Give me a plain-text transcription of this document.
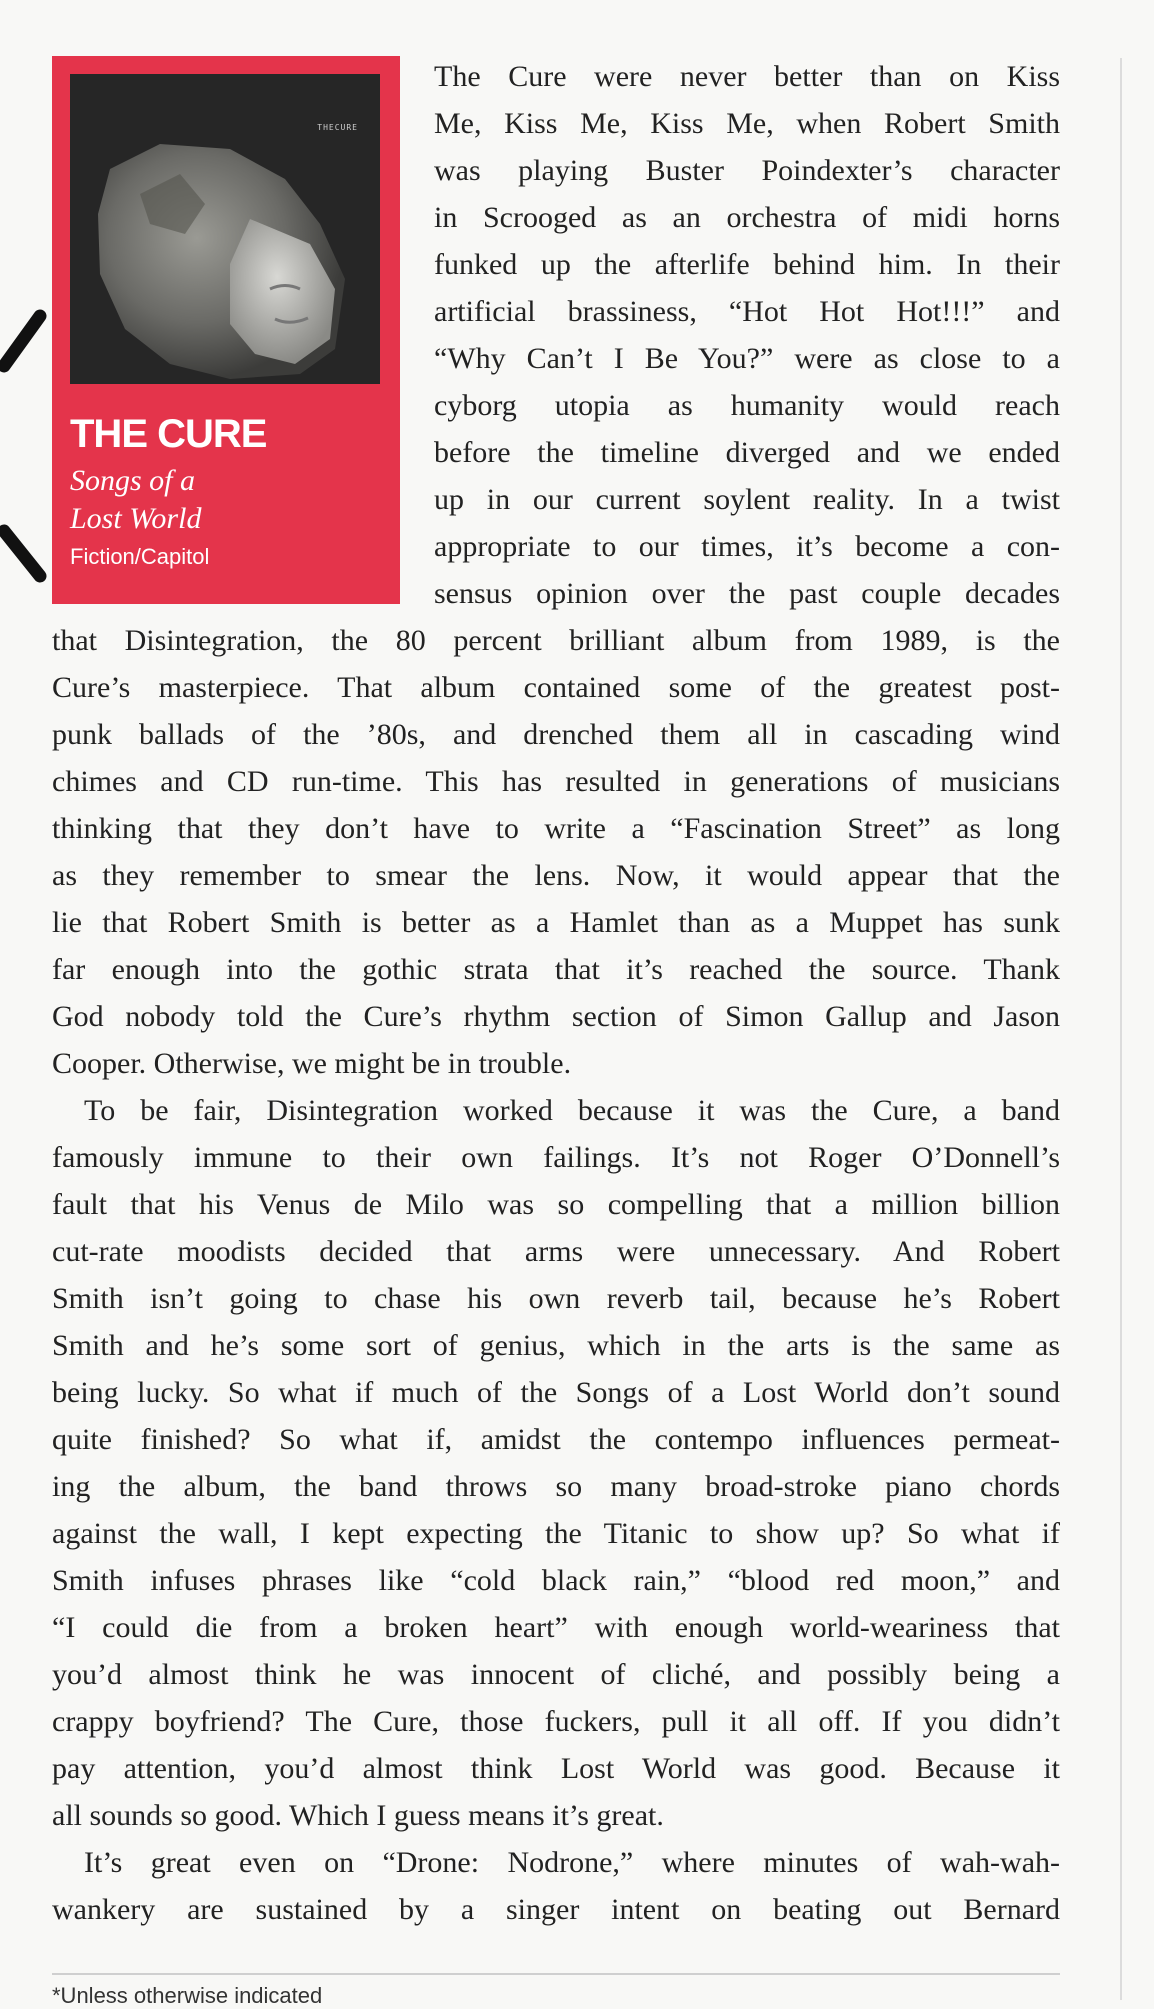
THECURE
THE CURE
Songs of a
Lost World
Fiction/Capitol
The Cure were never better than on Kiss
Me, Kiss Me, Kiss Me, when Robert Smith
was playing Buster Poindexter’s character
in Scrooged as an orchestra of midi horns
funked up the afterlife behind him. In their
artificial brassiness, “Hot Hot Hot!!!” and
“Why Can’t I Be You?” were as close to a
cyborg utopia as humanity would reach
before the timeline diverged and we ended
up in our current soylent reality. In a twist
appropriate to our times, it’s become a con-
sensus opinion over the past couple decades
that Disintegration, the 80 percent brilliant album from 1989, is the
Cure’s masterpiece. That album contained some of the greatest post-
punk ballads of the ’80s, and drenched them all in cascading wind
chimes and CD run-time. This has resulted in generations of musicians
thinking that they don’t have to write a “Fascination Street” as long
as they remember to smear the lens. Now, it would appear that the
lie that Robert Smith is better as a Hamlet than as a Muppet has sunk
far enough into the gothic strata that it’s reached the source. Thank
God nobody told the Cure’s rhythm section of Simon Gallup and Jason
Cooper. Otherwise, we might be in trouble.
To be fair, Disintegration worked because it was the Cure, a band
famously immune to their own failings. It’s not Roger O’Donnell’s
fault that his Venus de Milo was so compelling that a million billion
cut-rate moodists decided that arms were unnecessary. And Robert
Smith isn’t going to chase his own reverb tail, because he’s Robert
Smith and he’s some sort of genius, which in the arts is the same as
being lucky. So what if much of the Songs of a Lost World don’t sound
quite finished? So what if, amidst the contempo influences permeat-
ing the album, the band throws so many broad-stroke piano chords
against the wall, I kept expecting the Titanic to show up? So what if
Smith infuses phrases like “cold black rain,” “blood red moon,” and
“I could die from a broken heart” with enough world-weariness that
you’d almost think he was innocent of cliché, and possibly being a
crappy boyfriend? The Cure, those fuckers, pull it all off. If you didn’t
pay attention, you’d almost think Lost World was good. Because it
all sounds so good. Which I guess means it’s great.
It’s great even on “Drone: Nodrone,” where minutes of wah-wah-
wankery are sustained by a singer intent on beating out Bernard
*Unless otherwise indicated
